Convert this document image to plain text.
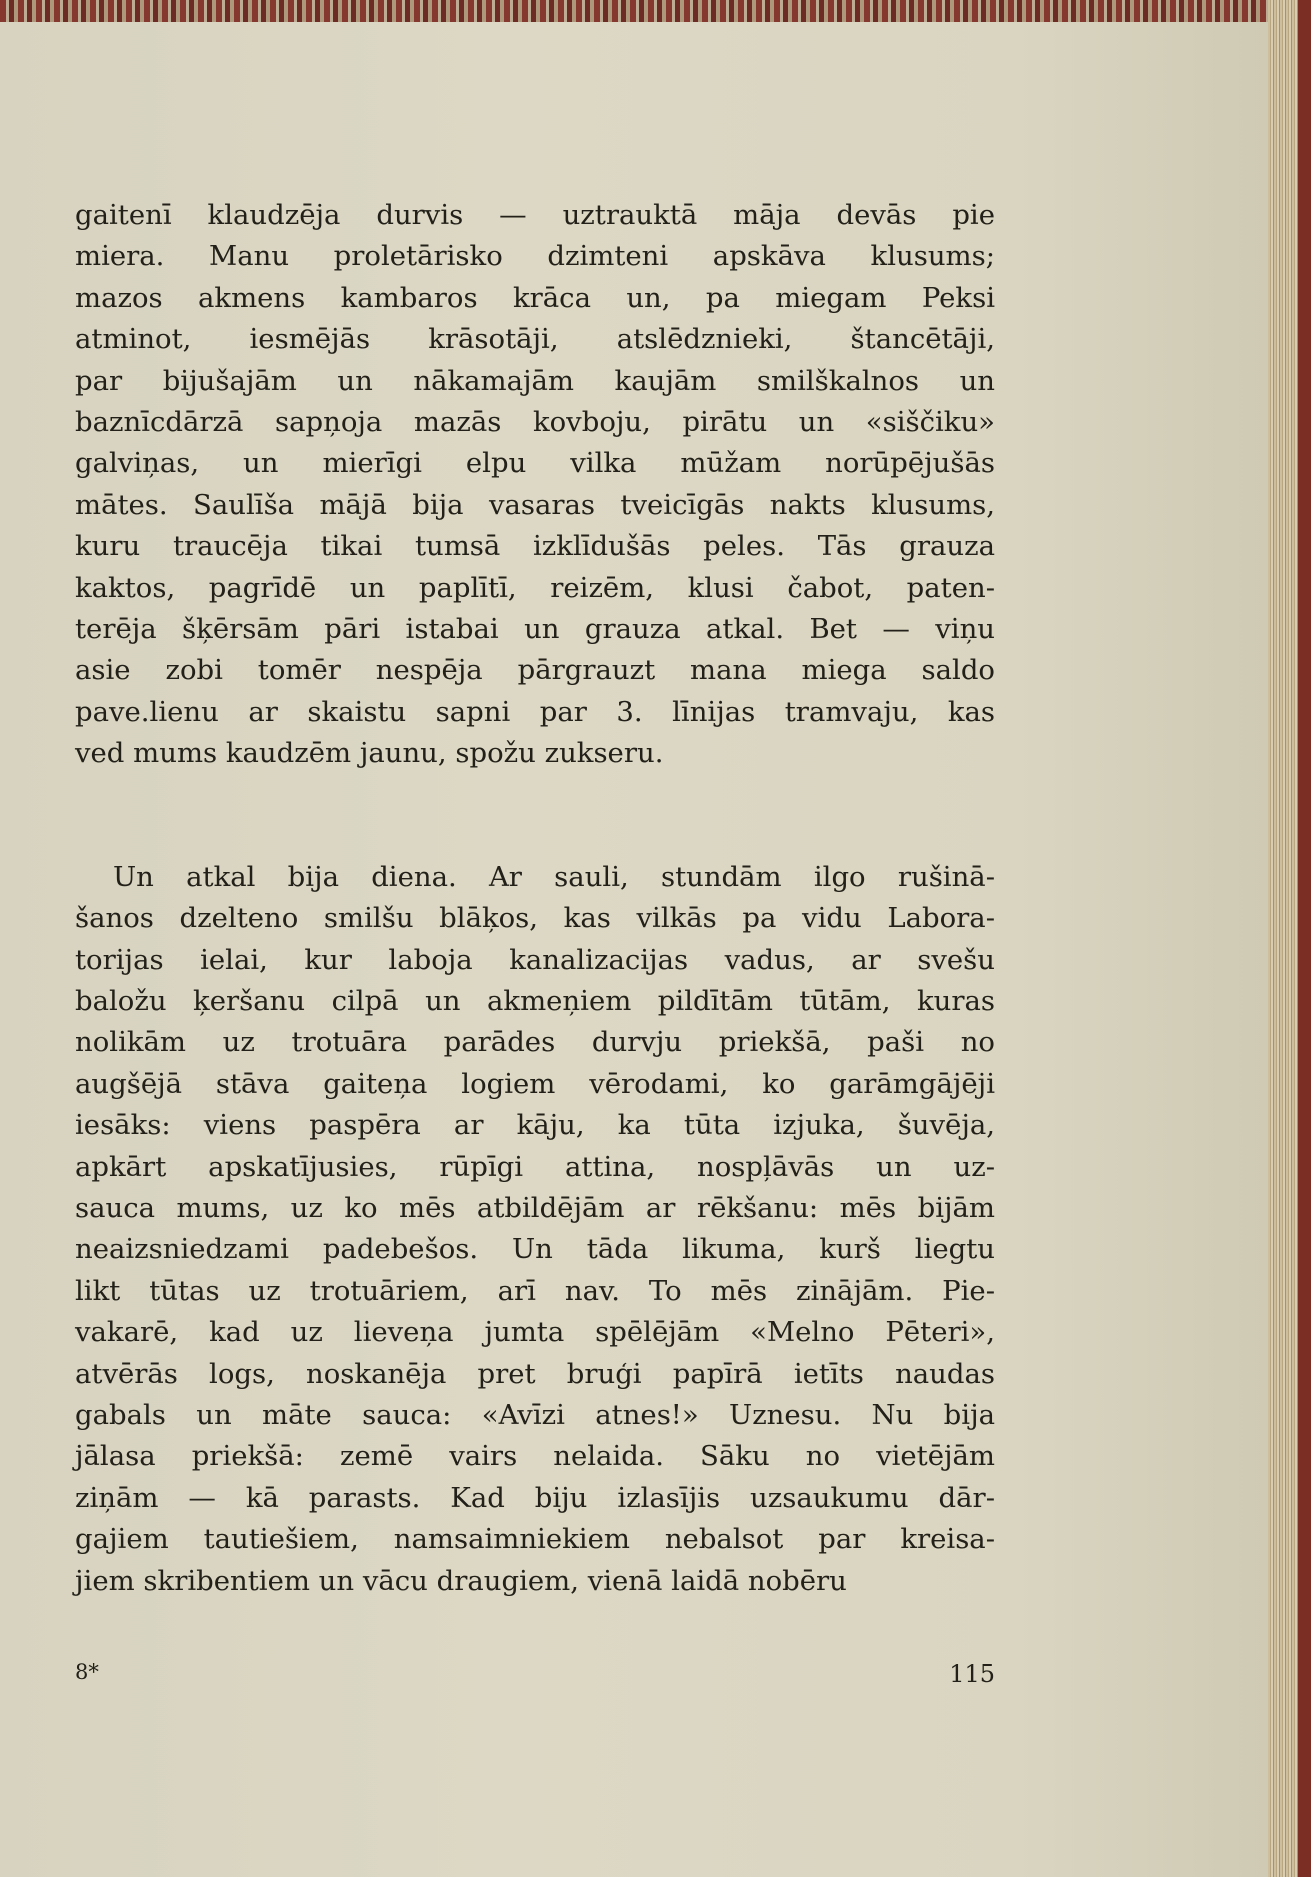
gaitenī klaudzēja durvis — uztrauktā māja devās pie
miera. Manu proletārisko dzimteni apskāva klusums;
mazos akmens kambaros krāca un, pa miegam Peksi
atminot, iesmējās krāsotāji, atslēdznieki, štancētāji,
par bijušajām un nākamajām kaujām smilškalnos un
baznīcdārzā sapņoja mazās kovboju, pirātu un «siščiku»
galviņas, un mierīgi elpu vilka mūžam norūpējušās
mātes. Saulīša mājā bija vasaras tveicīgās nakts klusums,
kuru traucēja tikai tumsā izklīdušās peles. Tās grauza
kaktos, pagrīdē un paplītī, reizēm, klusi čabot, paten-
terēja šķērsām pāri istabai un grauza atkal. Bet — viņu
asie zobi tomēr nespēja pārgrauzt mana miega saldo
pave.lienu ar skaistu sapni par 3. līnijas tramvaju, kas
ved mums kaudzēm jaunu, spožu zukseru.
Un atkal bija diena. Ar sauli, stundām ilgo rušinā-
šanos dzelteno smilšu blāķos, kas vilkās pa vidu Labora-
torijas ielai, kur laboja kanalizacijas vadus, ar svešu
baložu ķeršanu cilpā un akmeņiem pildītām tūtām, kuras
nolikām uz trotuāra parādes durvju priekšā, paši no
augšējā stāva gaiteņa logiem vērodami, ko garāmgājēji
iesāks: viens paspēra ar kāju, ka tūta izjuka, šuvēja,
apkārt apskatījusies, rūpīgi attina, nospļāvās un uz-
sauca mums, uz ko mēs atbildējām ar rēkšanu: mēs bijām
neaizsniedzami padebešos. Un tāda likuma, kurš liegtu
likt tūtas uz trotuāriem, arī nav. To mēs zinājām. Pie-
vakarē, kad uz lieveņa jumta spēlējām «Melno Pēteri»,
atvērās logs, noskanēja pret bruģi papīrā ietīts naudas
gabals un māte sauca: «Avīzi atnes!» Uznesu. Nu bija
jālasa priekšā: zemē vairs nelaida. Sāku no vietējām
ziņām — kā parasts. Kad biju izlasījis uzsaukumu dār-
gajiem tautiešiem, namsaimniekiem nebalsot par kreisa-
jiem skribentiem un vācu draugiem, vienā laidā nobēru
8*	115
